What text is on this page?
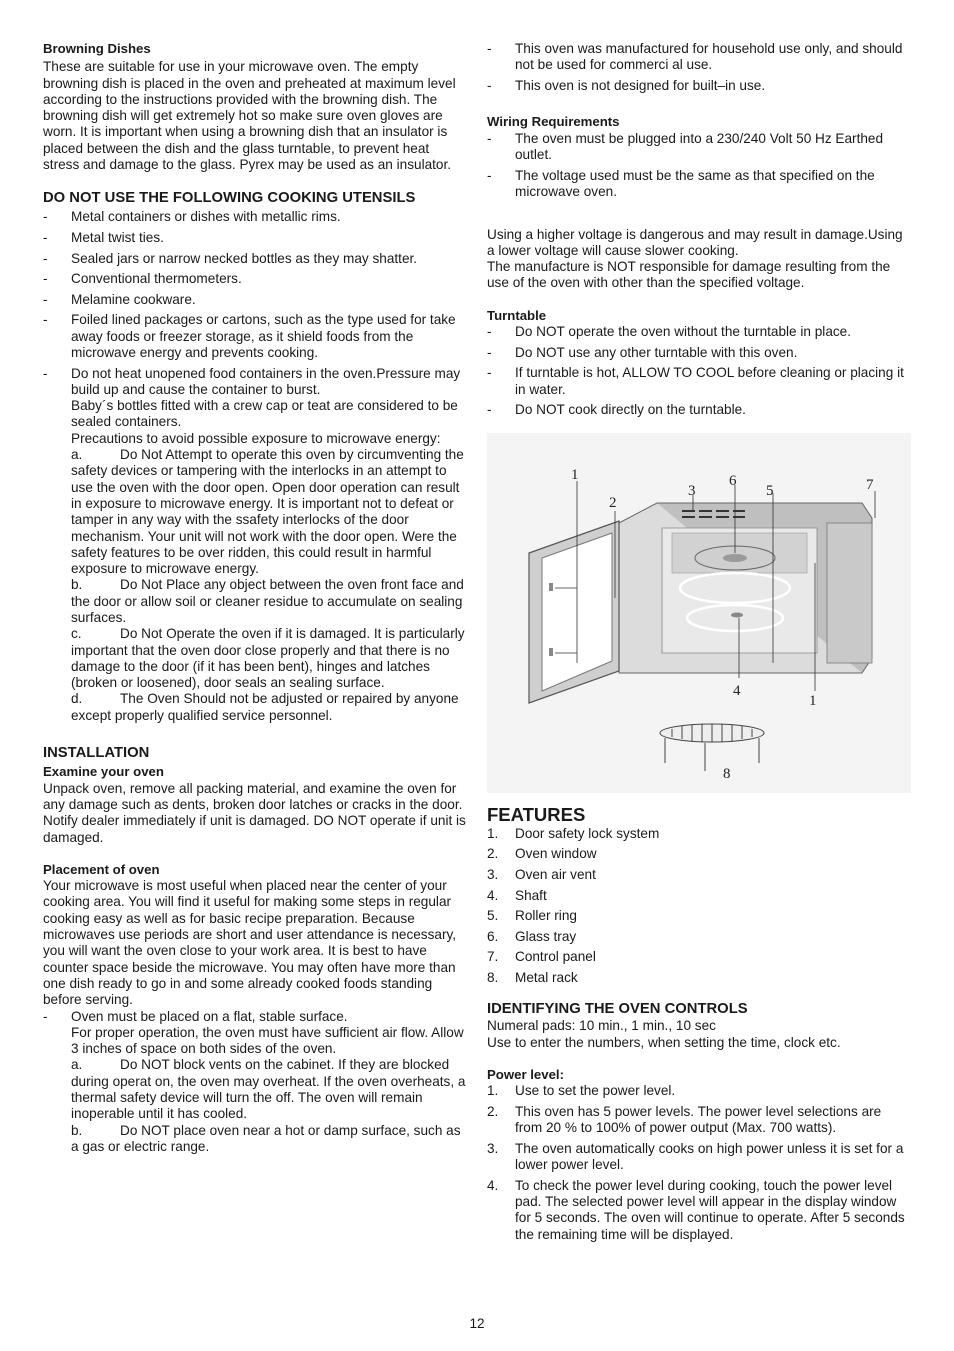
Browning Dishes

These are suitable for use in your microwave oven. The empty browning dish is placed in the oven and preheated at maximum level according to the instructions provided with the browning dish. The browning dish will get extremely hot so make sure oven gloves are worn. It is important when using a browning dish that an insulator is placed between the dish and the glass turntable, to prevent heat stress and damage to the glass. Pyrex may be used as an insulator.

DO NOT USE THE FOLLOWING COOKING UTENSILS

- Metal containers or dishes with metallic rims.
- Metal twist ties.
- Sealed jars or narrow necked bottles as they may shatter.
- Conventional thermometers.
- Melamine cookware.
- Foiled lined packages or cartons, such as the type used for take away foods or freezer storage, as it shield foods from the microwave energy and prevents cooking.
- Do not heat unopened food containers in the oven.Pressure may build up and cause the container to burst.
Baby´s bottles fitted with a crew cap or teat are considered to be sealed containers.
Precautions to avoid possible exposure to microwave energy:
a.	Do Not Attempt to operate this oven by circumventing the safety devices or tampering with the interlocks in an attempt to use the oven with the door open. Open door operation can result in exposure to microwave energy. It is important not to defeat or tamper in any way with the ssafety interlocks of the door mechanism. Your unit will not work with the door open. Were the safety features to be over ridden, this could result in harmful exposure to microwave energy.
b.	Do Not Place any object between the oven front face and the door or allow soil or cleaner residue to accumulate on sealing surfaces.
c.	Do Not Operate the oven if it is damaged. It is particularly important that the oven door close properly and that there is no damage to the door (if it has been bent), hinges and latches (broken or loosened), door seals an sealing surface.
d.	The Oven Should not be adjusted or repaired by anyone except properly qualified service personnel.

INSTALLATION

Examine your oven

Unpack oven, remove all packing material, and examine the oven for any damage such as dents, broken door latches or cracks in the door. Notify dealer immediately if unit is damaged. DO NOT operate if unit is damaged.

Placement of oven

Your microwave is most useful when placed near the center of your cooking area. You will find it useful for making some steps in regular cooking easy as well as for basic recipe preparation. Because microwaves use periods are short and user attendance is necessary, you will want the oven close to your work area. It is best to have counter space beside the microwave. You may often have more than one dish ready to go in and some already cooked foods standing before serving.

- Oven must be placed on a flat, stable surface.
For proper operation, the oven must have sufficient air flow. Allow 3 inches of space on both sides of the oven.
a.	Do NOT block vents on the cabinet. If they are blocked during operat on, the oven may overheat. If the oven overheats, a thermal safety device will turn the off. The oven will remain inoperable until it has cooled.
b.	Do NOT place oven near a hot or damp surface, such as a gas or electric range.
- This oven was manufactured for household use only, and should not be used for commerci al use.
- This oven is not designed for built–in use.

Wiring Requirements

- The oven must be plugged into a 230/240 Volt 50 Hz Earthed outlet.
- The voltage used must be the same as that specified on the microwave oven.

Using a higher voltage is dangerous and may result in damage.Using a lower voltage will cause slower cooking.

The manufacture is NOT responsible for damage resulting from the use of the oven with other than the specified voltage.

Turntable

- Do NOT operate the oven without the turntable in place.
- Do NOT use any other turntable with this oven.
- If turntable is hot, ALLOW TO COOL before cleaning or placing it in water.
- Do NOT cook directly on the turntable.
1
2
3
6
5	7
4
1
8

FEATURES

1. Door safety lock system
2. Oven window
3. Oven air vent
4. Shaft
5. Roller ring
6. Glass tray
7. Control panel
8. Metal rack

IDENTIFYING THE OVEN CONTROLS

Numeral pads: 10 min., 1 min., 10 sec

Use to enter the numbers, when setting the time, clock etc.

Power level:

1. Use to set the power level.
2. This oven has 5 power levels. The power level selections are from 20 % to 100% of power output (Max. 700 watts).
3. The oven automatically cooks on high power unless it is set for a lower power level.
4. To check the power level during cooking, touch the power level pad. The selected power level will appear in the display window for 5 seconds. The oven will continue to operate. After 5 seconds the remaining time will be displayed.
12
